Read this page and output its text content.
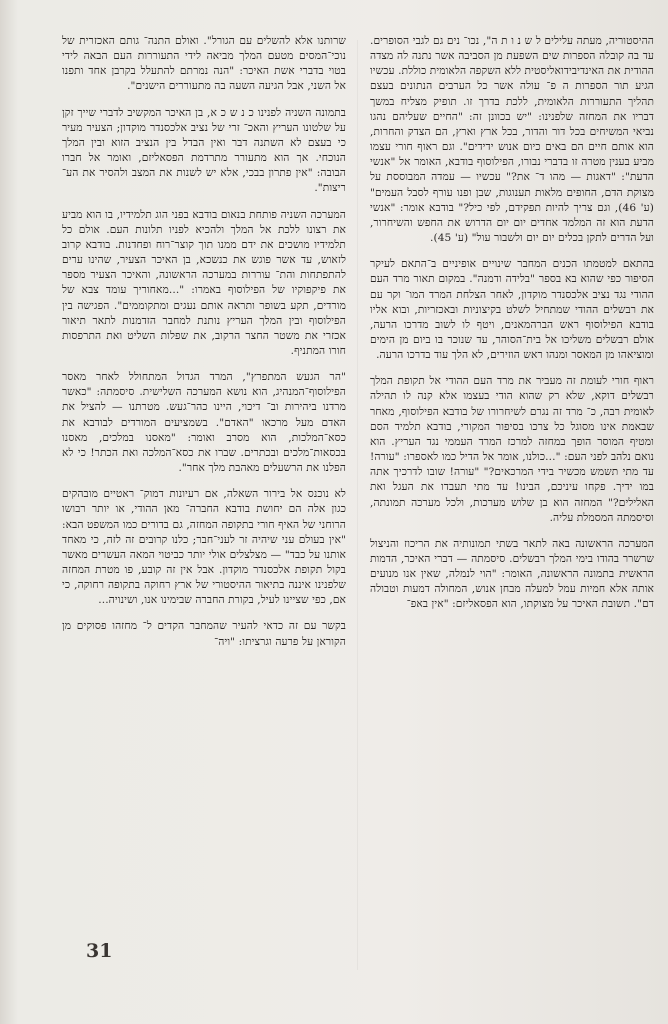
ההיסטוריה, מעתה עלילים ל ש נ ו ת ה", נכו־ נים גם לגבי הסופרים. עד בה קובלה הספרות שים השפעת מן הסביבה אשר נתנה לה מצדה ההודית את האינדיבידואליסטית ללא השקפה הלאומית כוללת. עכשיו הגיע תור הספרות ה פ־ עולה אשר כל הערבים הנתונים בעצם תהליך התעוררות הלאומית, ללכת בדרך זו. תופיק מצליח במשך דבריו את המחזה שלפנינו: "יש בכוונן זה: "החיים שעליהם נהגו נביאי המשיחים בכל דור והדור, בכל ארץ וארץ, הם הצדק והחרות, הוא אותם חיים הם באים כיום אנוש ידידים". וגם ראוף חורי עצמו מביע בענין מטרה זו בדברי נבורו, הפילוסוף בודבא, האומר אל "אנשי הדעת": "דאגות — מהו ד־ את?" עכשיו — עמדה המבוססת על מצוקת הדם, החופים מלאות תענוגות, שבן ופנו עורף לסבל העמים" (ע' 46), וגם צריך להיות תפקידם, לפי כיל?" בודבא אומר: "אנשי הדעת הוא זה המלמד אחדים יום יום הדרוש את החפש והשיחרור, ועל הדרים לתקן בכלים יום יום ולשבור עול" (ע' 45).

בהתאם למטמתו הכנים המחבר שינויים אופיניים ב־התאם לעיקר הסיפור כפי שהוא בא בספר "בלידה ודמנה". במקום תאור מרד העם ההודי נגד נציב אלכסנדר מוקדון, לאחר הצלחת המרד המו־ וקר עם את רבשלים ההודי שמתחיל לשלט בקיצוניות ובאכזריות, ובוא אליו בודבא הפילוסוף ראש הברהמאנים, ויטף לו לשוב מדרכו הרעה, אולם רבשלים משליכו אל בית־הסוהר, עד שנוכר בו ביום מן הימים ומוציאהו מן המאסר ומנהו ראש הוזירים, לא הלך עוד בדרכו הרעה.

ראוף חורי לעומת זה מעביר את מרד העם ההודי אל תקופת המלך רבשלים דוקא, שלא רק שהוא הודי בעצמו אלא קנה לו תהילה לאומית רבה, כ־ מרד זה נגרם לשיחרורו של בודבא הפילוסוף, מאחר שבאמת אינו מסוגל כל צרכו בסיפור המקורי, בודבא תלמיד הסם ומטיף המוסר הופך במחזה למרכז המרד העממי נגד העריץ. הוא נואם נלהב לפני העם: "...כולנו, אומר אל הדיל כמו לאספרו: "עורה! עד מתי תשמש מכשיר בידי המרכאים?" "עורה! שובו לדרכיך אתה במו ידיך. פקחו עיניכם, הבינו! עד מתי תעבדו את העגל ואת האלילים?" המחזה הוא בן שלוש מערכות, ולכל מערכה תמונתה, וסיסמתה המסמלת עליה.

המערכה הראשונה באה לתאר בשתי תמונותיה את הריכוז והניצול שרשרר בהודו בימי המלך רבשלים. סיסמתה — דברי האיכר, הדמות הראשית בתמונה הראשונה, האומר: "הוי לנמלה, שאין אנו מנועים אותה אלא חמיות עמל למעלה מבחן אנוש, המחולה דמעות וטבולה דם". תשובת האיכר על מצוקתו, הוא הפסאליזם: "אין באפ־

שרותנו אלא להשלים עם הגורל". ואולם התנה־ גותם האכזרית של נוכי־המסים מטעם המלך מביאה לידי התעוררות העם הבאה לידי בטוי בדברי אשת האיכר: "הנה נמרתם להתעלל בקרבן אחד ותפנו אל השני, אבל הגיעה השעה בה מתעוררים הישנים".

בתמונה השניה לפנינו כ נ ש כ א, בן האיכר המקשיב לדברי שייך זקן על שלטונו העריץ והאכ־ זרי של נציב אלכסנדר מוקדון; הצעיר מעיר כי בעצם לא השתנה דבר ואין הבדל בין הנציב הזוא ובין המלך הנוכחי. אך הוא מתעורר מתרדמת הפסאליזם, ואומר אל חברו הבובה: "אין פתרון בבכי, אלא יש לשנות את המצב ולהסיר את הע־ ריצות".

המערכה השניה פותחת בנאום בודבא בפני הוג תלמידיו, בו הוא מביע את רצונו ללכת אל המלך ולהכיא לפניו תלונות העם. אולם כל תלמידיו מושכים את ידם ממנו תוך קוצר־רוח ופחדנות. בודבא קרוב לזאוש, עד אשר פוגש את כנשכא, בן האיכר הצעיר, שהינו ערים להתפתחות והת־ עוררות במערכה הראשונה, והאיכר הצעיר מספר את פיקפוקיו של הפילוסוף באמרו: "...מאחוריך עומד צבא של מורדים, תקע בשופר ותראה אותם נעגים ומתקוממים". הפגישה בין הפילוסוף ובין המלך העריץ נותנת למחבר הזדמנות לתאר תיאור אכזרי את משטר החצר הרקוב, את שפלות השליט ואת התרפסות חורו המתניף.

"הר הגעש המתפרץ", המרד הגדול המתחולל לאחר מאסר הפילוסוף־המנהיג, הוא נושא המערכה השלישית. סיסמתה: "כאשר מרדנו ביהירות וב־ דיכוי, היינו כהר־געש. מטרתנו — להציל את האדם מעל מרכאו "האדם". בשמציעים המורדים לבודבא את כסא־המלכות, הוא מסרב ואומר: "מאסנו במלכים, מאסנו בכסאות־מלכים ובכתרים. שברו את כסא־המלכה ואת הכתר! כי לא הפלנו את הרשעלים מאהבת מלך אחר".

לא נוכנס אל בירור השאלה, אם רעיונות דמוק־ ראטיים מובהקים כגון אלה הם יחושת בודבא החברה־ מאן ההודי, או יותר רבושו הרוחני של האיף חורי בתקופה המחזה, גם בדורים כמו המשפט הבא: "אין בעולם עני שיהיה זר לעני־חבר; כלנו קרובים זה לזה, כי מאחד אותנו על כבד" — מצלצלים אולי יותר כביטוי המאה העשרים מאשר בקול תקופת אלכסנדר מוקדון. אבל אין זה קובע, פו מטרת המחזה שלפנינו איננה בתיאור ההיסטורי של ארץ רחוקה בתקופה רחוקה, כי אם, כפי שציינו לעיל, בקורת החברה שבימינו אנו, ושינויה...

בקשר עם זה כדאי להעיר שהמחבר הקדים ל־ מחזהו פסוקים מן הקוראן על פרעה וגרציתו: "ויה־

31
